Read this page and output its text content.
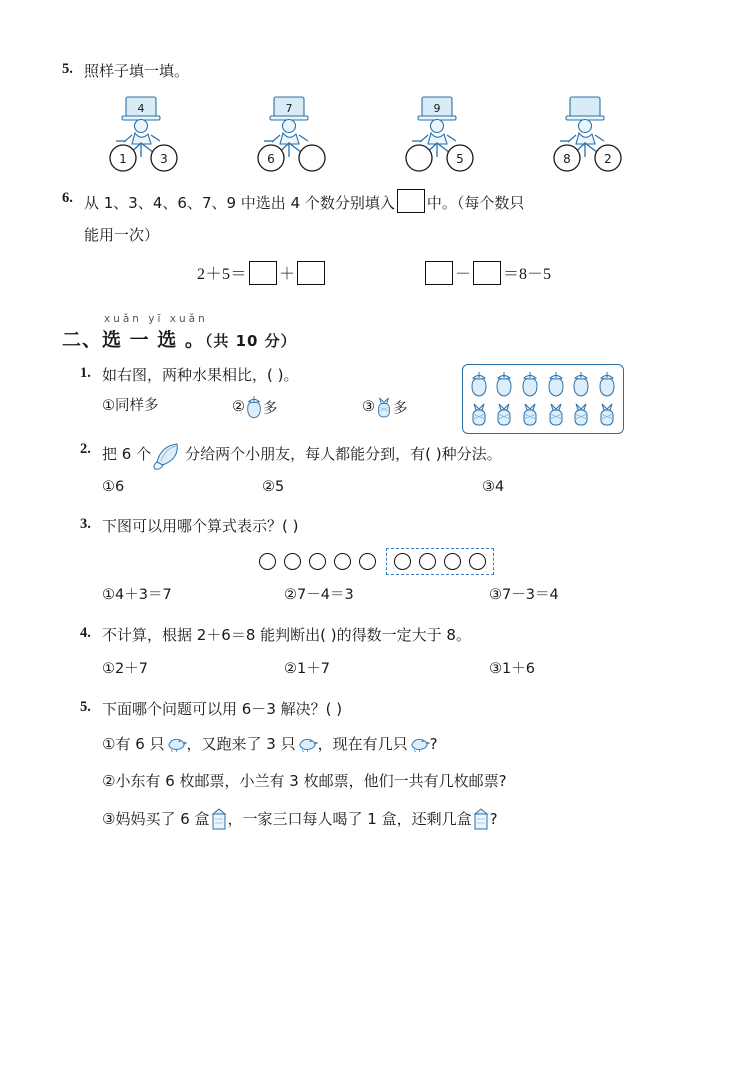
5. 照样子填一填。
4
1	3
7
6
9
5	8	2
6. 从 1、3、4、6、7、9 中选出 4 个数分别填入 中。（每个数只
能用一次）
2＋5＝ ＋	－ ＝8－5
xuǎn yī xuǎn
二、选 一 选 。（共 10 分）
1. 如右图，两种水果相比，( )。
①同样多	② 多	③ 多
2. 把 6 个 分给两个小朋友，每人都能分到，有( )种分法。
①6	②5	③4
3. 下图可以用哪个算式表示？( )
①4＋3＝7	②7－4＝3	③7－3＝4
4. 不计算，根据 2＋6＝8 能判断出( )的得数一定大于 8。
①2＋7	②1＋7	③1＋6
5. 下面哪个问题可以用 6－3 解决？( )
①有 6 只 ，又跑来了 3 只 ，现在有几只 ?
②小东有 6 枚邮票，小兰有 3 枚邮票，他们一共有几枚邮票?
③妈妈买了 6 盒 ，一家三口每人喝了 1 盒，还剩几盒 ?
